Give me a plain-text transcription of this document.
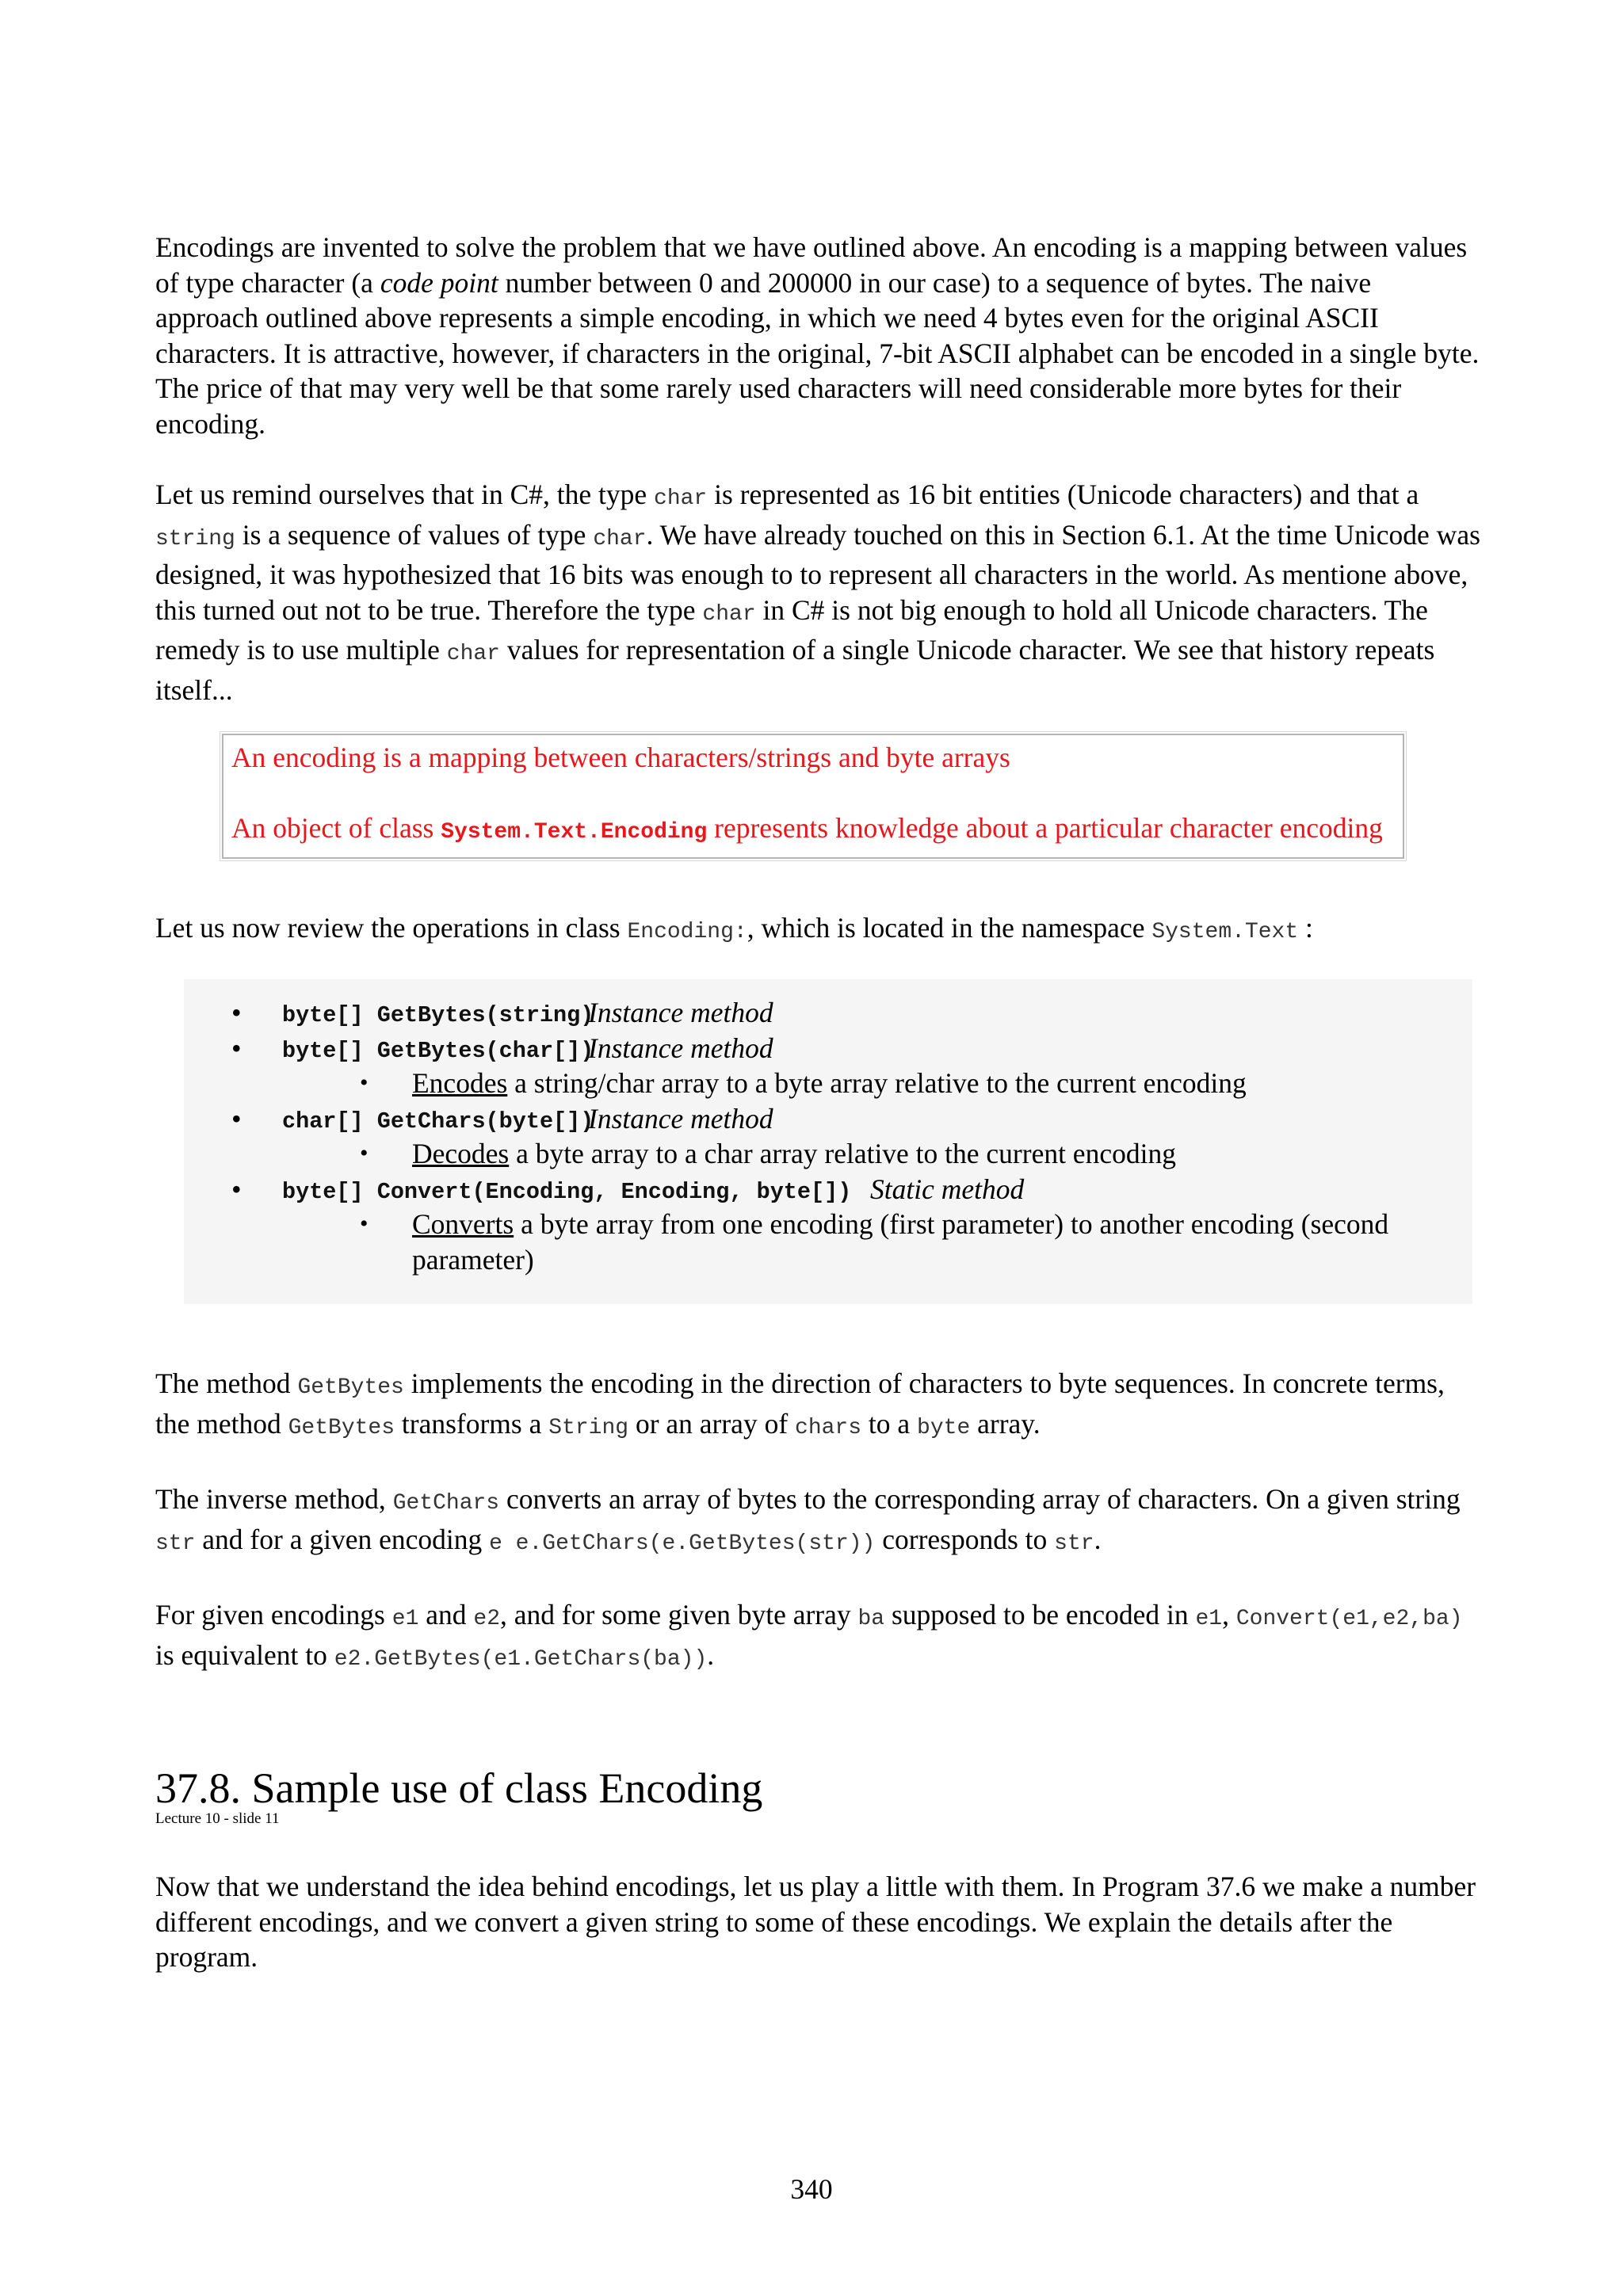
Encodings are invented to solve the problem that we have outlined above. An encoding is a mapping between values of type character (a code point number between 0 and 200000 in our case) to a sequence of bytes. The naive approach outlined above represents a simple encoding, in which we need 4 bytes even for the original ASCII characters. It is attractive, however, if characters in the original, 7-bit ASCII alphabet can be encoded in a single byte. The price of that may very well be that some rarely used characters will need considerable more bytes for their encoding.

Let us remind ourselves that in C#, the type char is represented as 16 bit entities (Unicode characters) and that a string is a sequence of values of type char. We have already touched on this in Section 6.1. At the time Unicode was designed, it was hypothesized that 16 bits was enough to to represent all characters in the world. As mentione above, this turned out not to be true. Therefore the type char in C# is not big enough to hold all Unicode characters. The remedy is to use multiple char values for representation of a single Unicode character. We see that history repeats itself...

An encoding is a mapping between characters/strings and byte arrays

An object of class System.Text.Encoding represents knowledge about a particular character encoding

Let us now review the operations in class Encoding:, which is located in the namespace System.Text :

• byte[] GetBytes(string)
Instance method
• byte[] GetBytes(char[])
Instance method
• Encodes a string/char array to a byte array relative to the current encoding
• char[] GetChars(byte[])
Instance method
• Decodes a byte array to a char array relative to the current encoding
• byte[] Convert(Encoding, Encoding, byte[]) Static method
• Converts a byte array from one encoding (first parameter) to another encoding (second parameter)

The method GetBytes implements the encoding in the direction of characters to byte sequences. In concrete terms, the method GetBytes transforms a String or an array of chars to a byte array.

The inverse method, GetChars converts an array of bytes to the corresponding array of characters. On a given string str and for a given encoding e e.GetChars(e.GetBytes(str)) corresponds to str.

For given encodings e1 and e2, and for some given byte array ba supposed to be encoded in e1, Convert(e1,e2,ba) is equivalent to e2.GetBytes(e1.GetChars(ba)).

37.8. Sample use of class Encoding
Lecture 10 - slide 11

Now that we understand the idea behind encodings, let us play a little with them. In Program 37.6 we make a number different encodings, and we convert a given string to some of these encodings. We explain the details after the program.

340
